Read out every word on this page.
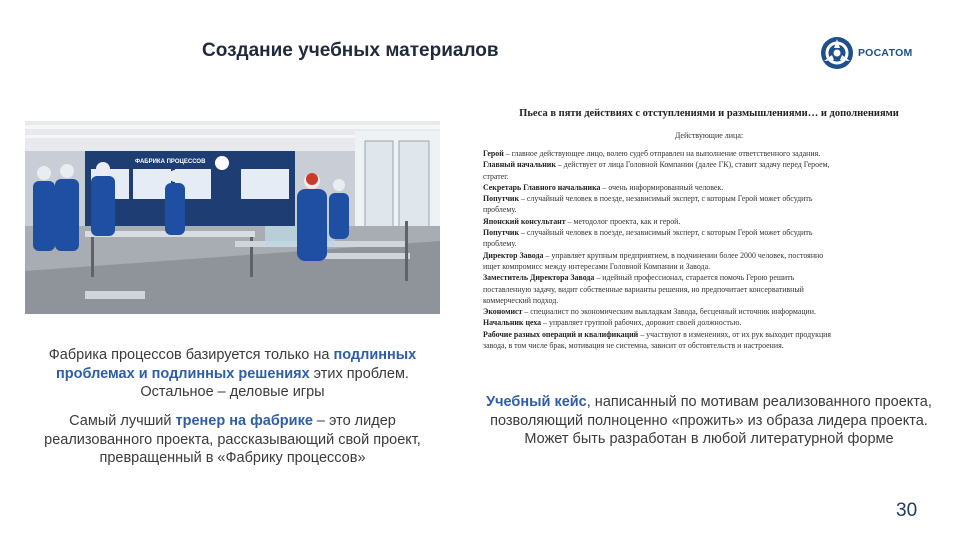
Создание учебных материалов	РОСАТОМ
ФАБРИКА ПРОЦЕССОВ
Фабрика процессов базируется только на подлинных проблемах и подлинных решениях этих проблем. Остальное – деловые игры
Самый лучший тренер на фабрике – это лидер реализованного проекта, рассказывающий свой проект, превращенный в «Фабрику процессов»
Пьеса в пяти действиях с отступлениями и размышлениями… и дополнениями
Действующие лица:
Герой – главное действующее лицо, волею судеб отправлен на выполнение ответственного задания.
Главный начальник – действует от лица Головной Компании (далее ГК), ставит задачу перед Героем,
стратег.
Секретарь Главного начальника – очень информированный человек.
Попутчик – случайный человек в поезде, независимый эксперт, с которым Герой может обсудить
проблему.
Японский консультант – методолог проекта, как и герой.
Попутчик – случайный человек в поезде, независимый эксперт, с которым Герой может обсудить
проблему.
Директор Завода – управляет крупным предприятием, в подчинении более 2000 человек, постоянно
ищет компромисс между интересами Головной Компании и Завода.
Заместитель Директора Завода – идейный профессионал, старается помочь Герою решить
поставленную задачу, видит собственные варианты решения, но предпочитает консервативный
коммерческий подход.
Экономист – специалист по экономическим выкладкам Завода, бесценный источник информации.
Начальник цеха – управляет группой рабочих, дорожит своей должностью.
Рабочие разных операций и квалификаций – участвуют в изменениях, от их рук выходит продукция
завода, в том числе брак, мотивация не системна, зависит от обстоятельств и настроения.
Учебный кейс, написанный по мотивам реализованного проекта, позволяющий полноценно «прожить» из образа лидера проекта. Может быть разработан в любой литературной форме
30
